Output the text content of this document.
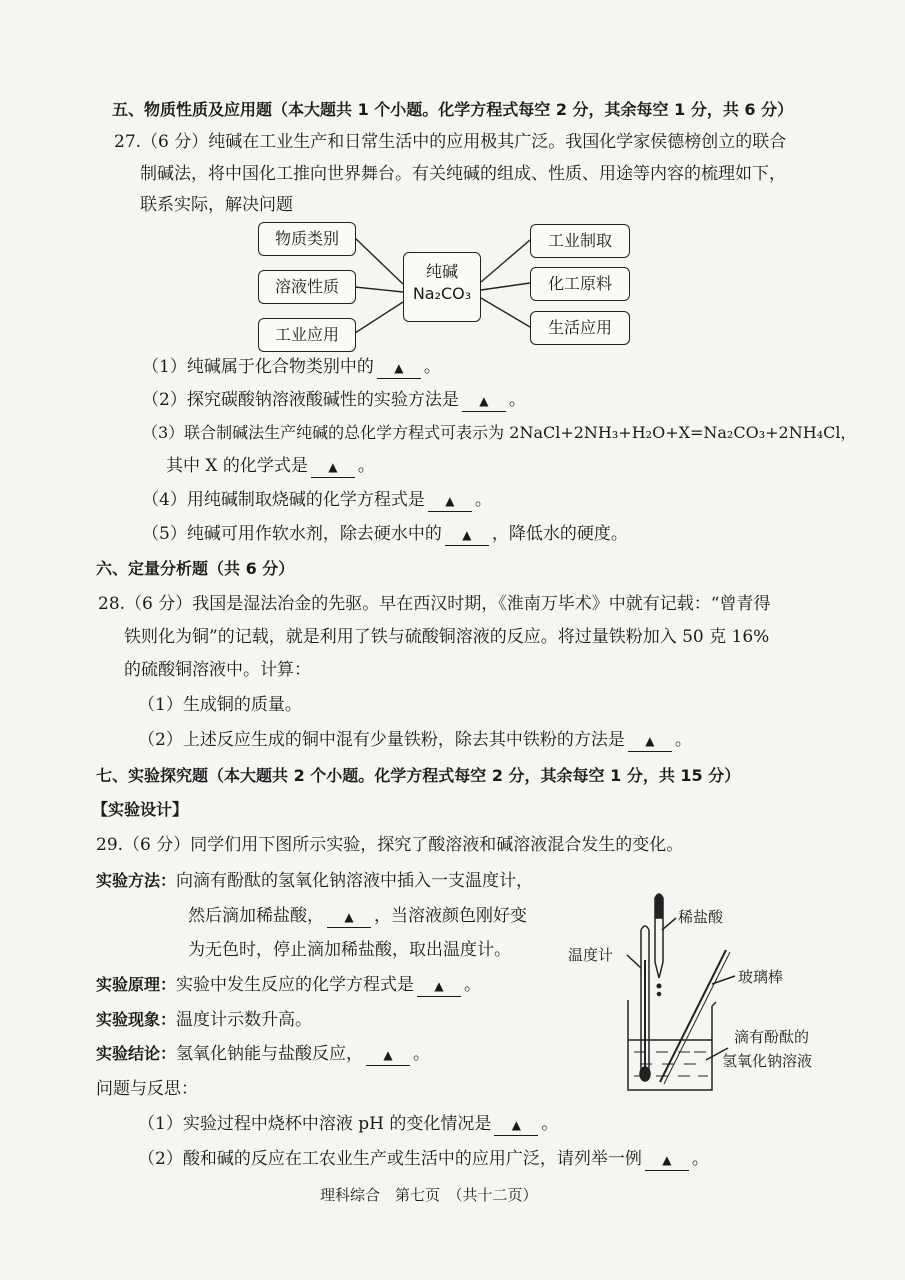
五、物质性质及应用题（本大题共 1 个小题。化学方程式每空 2 分，其余每空 1 分，共 6 分）
27.（6 分）纯碱在工业生产和日常生活中的应用极其广泛。我国化学家侯德榜创立的联合
制碱法，将中国化工推向世界舞台。有关纯碱的组成、性质、用途等内容的梳理如下，
联系实际，解决问题
物质类别
溶液性质
工业应用
纯碱
Na₂CO₃
工业制取
化工原料
生活应用
（1）纯碱属于化合物类别中的 ▲ 。
（2）探究碳酸钠溶液酸碱性的实验方法是 ▲ 。
（3）联合制碱法生产纯碱的总化学方程式可表示为 2NaCl+2NH₃+H₂O+X=Na₂CO₃+2NH₄Cl，
其中 X 的化学式是 ▲ 。
（4）用纯碱制取烧碱的化学方程式是 ▲ 。
（5）纯碱可用作软水剂，除去硬水中的 ▲ ，降低水的硬度。
六、定量分析题（共 6 分）
28.（6 分）我国是湿法冶金的先驱。早在西汉时期，《淮南万毕术》中就有记载：“曾青得
铁则化为铜”的记载，就是利用了铁与硫酸铜溶液的反应。将过量铁粉加入 50 克 16%
的硫酸铜溶液中。计算：
（1）生成铜的质量。
（2）上述反应生成的铜中混有少量铁粉，除去其中铁粉的方法是 ▲ 。
七、实验探究题（本大题共 2 个小题。化学方程式每空 2 分，其余每空 1 分，共 15 分）
【实验设计】
29.（6 分）同学们用下图所示实验，探究了酸溶液和碱溶液混合发生的变化。
实验方法：向滴有酚酞的氢氧化钠溶液中插入一支温度计，
然后滴加稀盐酸， ▲ ，当溶液颜色刚好变
为无色时，停止滴加稀盐酸，取出温度计。
实验原理：实验中发生反应的化学方程式是 ▲ 。
实验现象：温度计示数升高。
实验结论：氢氧化钠能与盐酸反应， ▲ 。
问题与反思：
（1）实验过程中烧杯中溶液 pH 的变化情况是 ▲ 。
（2）酸和碱的反应在工农业生产或生活中的应用广泛，请列举一例 ▲ 。
稀盐酸
温度计
玻璃棒
滴有酚酞的
氢氧化钠溶液
理科综合　第七页　（共十二页）
